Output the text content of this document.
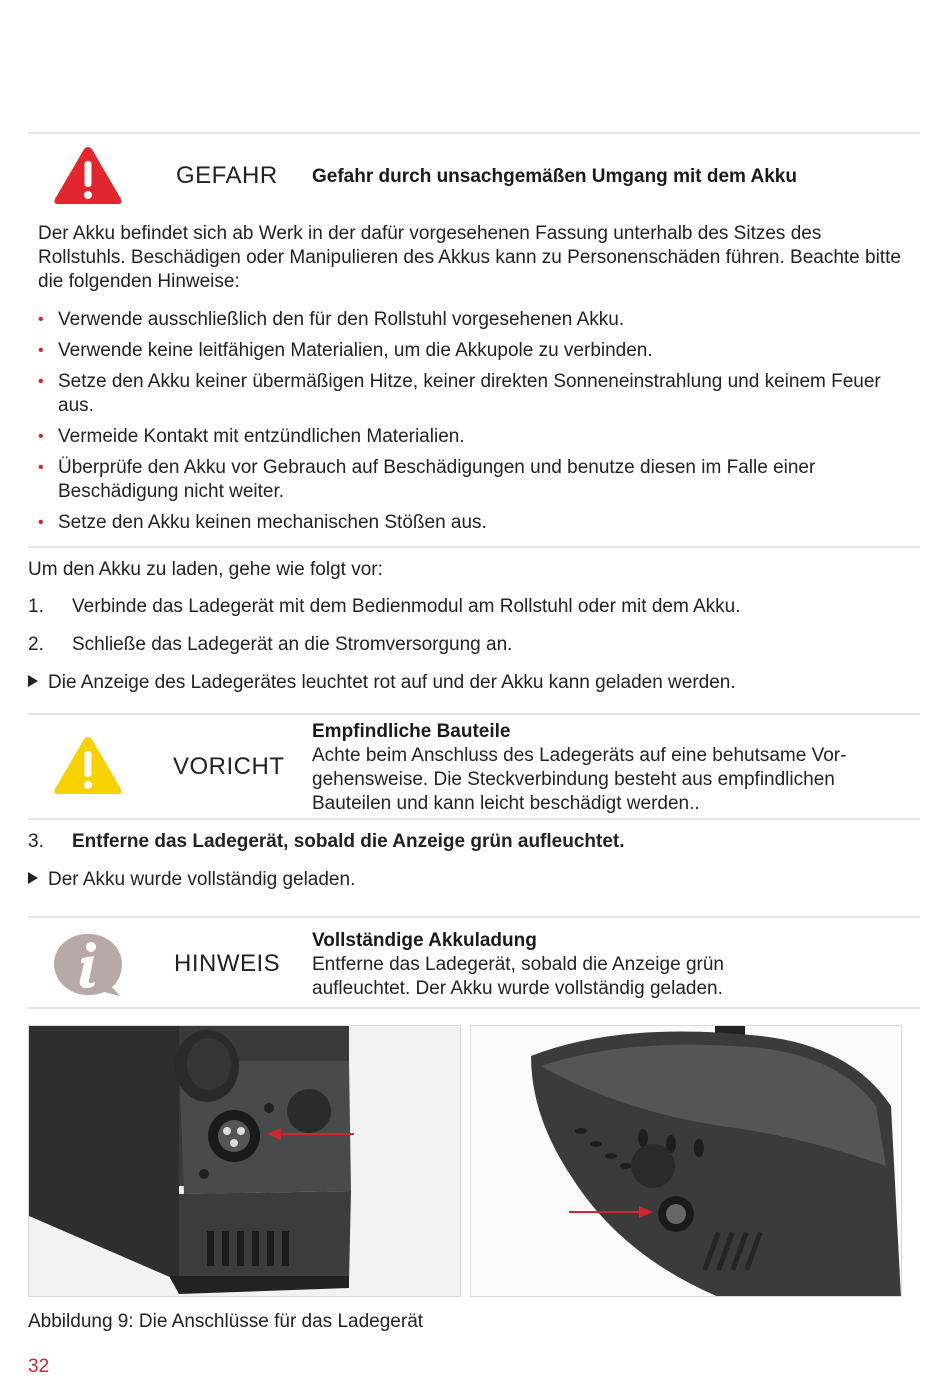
GEFAHR Gefahr durch unsachgemäßen Umgang mit dem Akku
Der Akku befindet sich ab Werk in der dafür vorgesehenen Fassung unterhalb des Sitzes des Rollstuhls. Beschädigen oder Manipulieren des Akkus kann zu Personenschäden führen. Beachte bitte die folgenden Hinweise:
• Verwende ausschließlich den für den Rollstuhl vorgesehenen Akku.
• Verwende keine leitfähigen Materialien, um die Akkupole zu verbinden.
• Setze den Akku keiner übermäßigen Hitze, keiner direkten Sonneneinstrahlung und keinem Feuer aus.
• Vermeide Kontakt mit entzündlichen Materialien.
• Überprüfe den Akku vor Gebrauch auf Beschädigungen und benutze diesen im Falle einer Beschädigung nicht weiter.
• Setze den Akku keinen mechanischen Stößen aus.
Um den Akku zu laden, gehe wie folgt vor:
1. Verbinde das Ladegerät mit dem Bedienmodul am Rollstuhl oder mit dem Akku.
2. Schließe das Ladegerät an die Stromversorgung an.
Die Anzeige des Ladegerätes leuchtet rot auf und der Akku kann geladen werden.
VORICHT
Empfindliche Bauteile
Achte beim Anschluss des Ladegeräts auf eine behutsame Vor-gehensweise. Die Steckverbindung besteht aus empfindlichen Bauteilen und kann leicht beschädigt werden..
3. Entferne das Ladegerät, sobald die Anzeige grün aufleuchtet.
Der Akku wurde vollständig geladen.
HINWEIS
Vollständige Akkuladung
Entferne das Ladegerät, sobald die Anzeige grün aufleuchtet. Der Akku wurde vollständig geladen.
Abbildung 9: Die Anschlüsse für das Ladegerät
32
